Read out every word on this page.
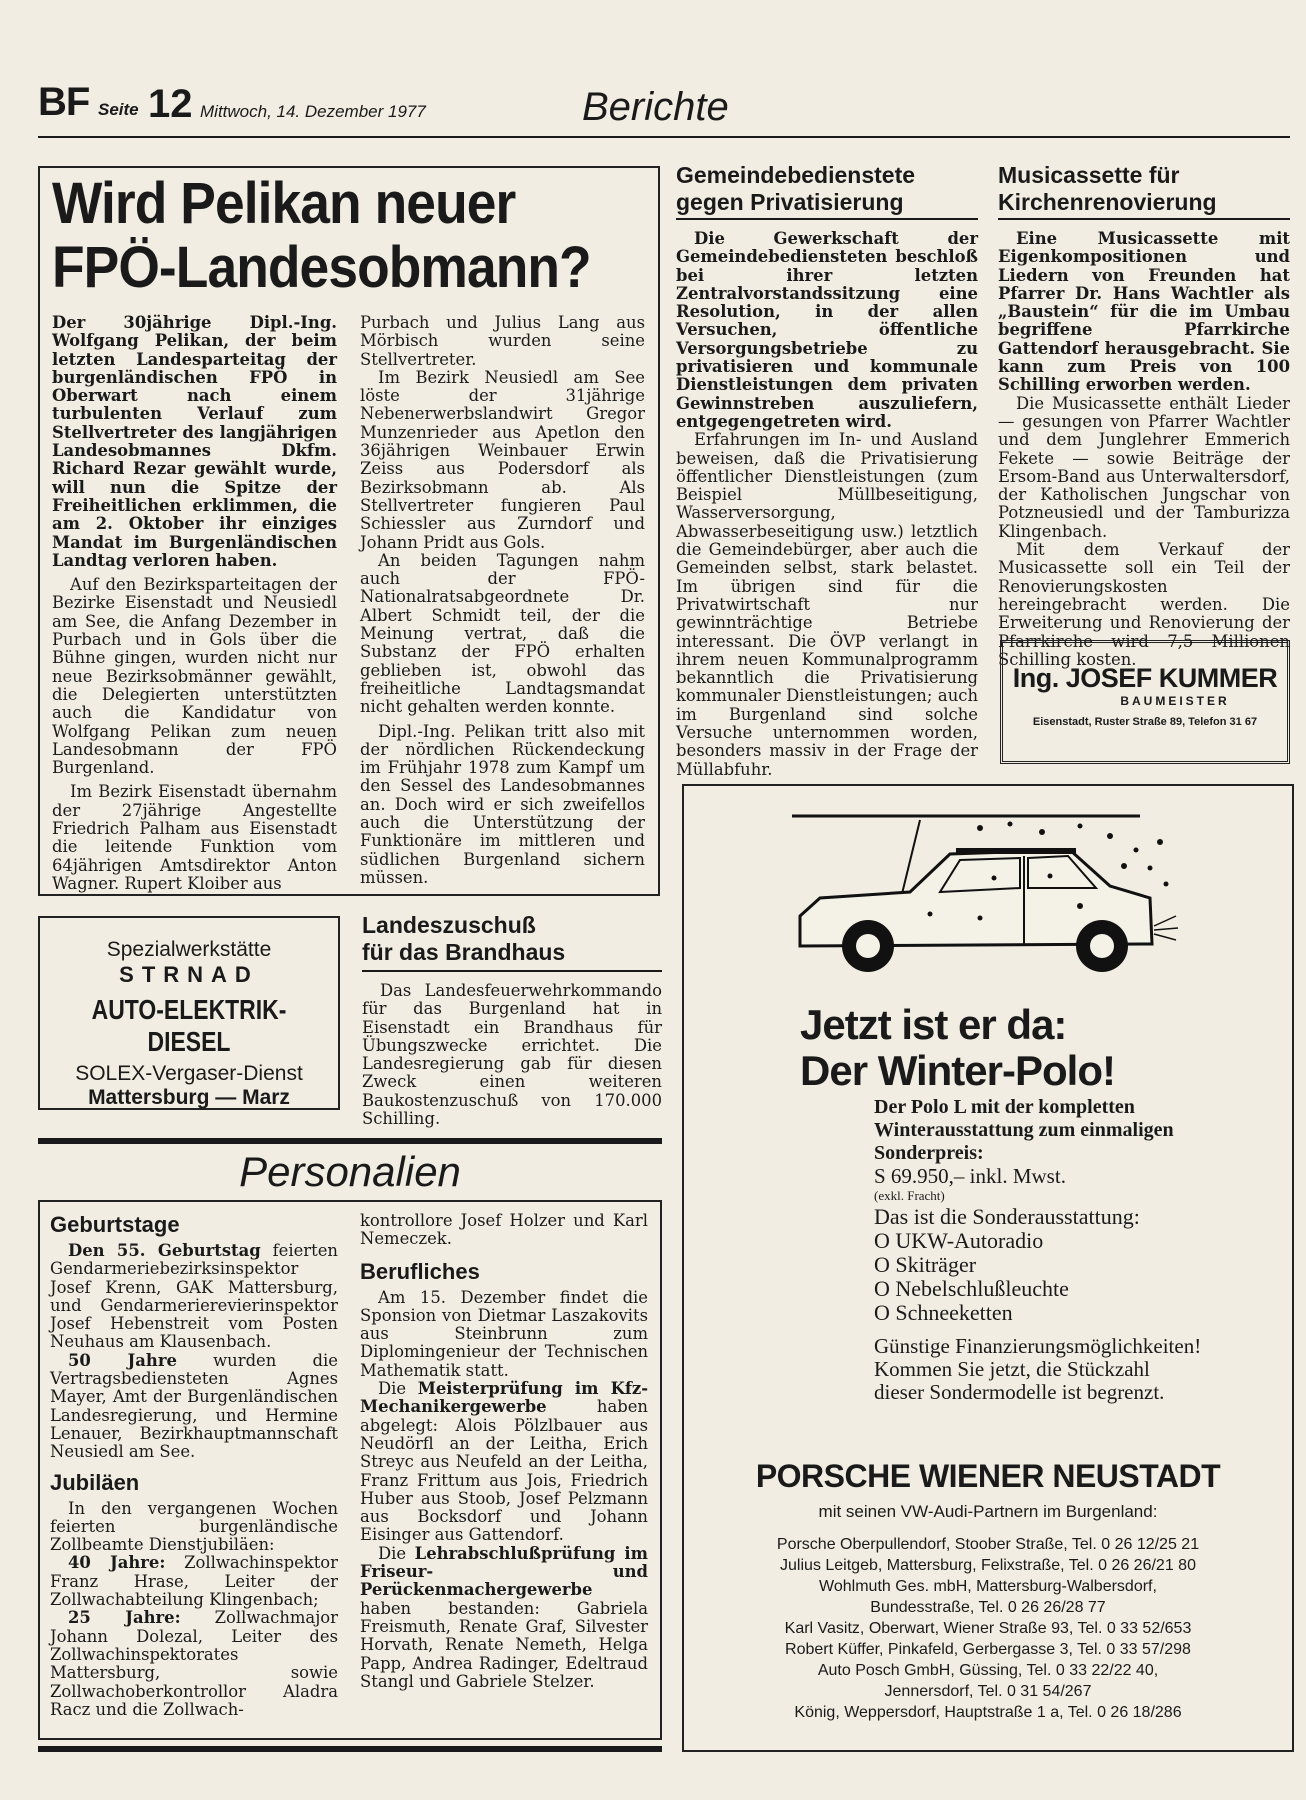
BF Seite 12 Mittwoch, 14. Dezember 1977	Berichte
Wird Pelikan neuer
FPÖ-Landesobmann?

Der 30jährige Dipl.-Ing. Wolfgang Pelikan, der beim letzten Landesparteitag der burgenländischen FPÖ in Oberwart nach einem turbulenten Verlauf zum Stellvertreter des langjährigen Landesobmannes Dkfm. Richard Rezar gewählt wurde, will nun die Spitze der Freiheitlichen erklimmen, die am 2. Oktober ihr einziges Mandat im Burgenländischen Landtag verloren haben.

Auf den Bezirksparteitagen der Bezirke Eisenstadt und Neusiedl am See, die Anfang Dezember in Purbach und in Gols über die Bühne gingen, wurden nicht nur neue Bezirksobmänner gewählt, die Delegierten unterstützten auch die Kandidatur von Wolfgang Pelikan zum neuen Landesobmann der FPÖ Burgenland.

Im Bezirk Eisenstadt übernahm der 27jährige Angestellte Friedrich Palham aus Eisenstadt die leitende Funktion vom 64jährigen Amtsdirektor Anton Wagner. Rupert Kloiber aus

Purbach und Julius Lang aus Mörbisch wurden seine Stellvertreter.

Im Bezirk Neusiedl am See löste der 31jährige Nebenerwerbslandwirt Gregor Munzenrieder aus Apetlon den 36jährigen Weinbauer Erwin Zeiss aus Podersdorf als Bezirksobmann ab. Als Stellvertreter fungieren Paul Schiessler aus Zurndorf und Johann Pridt aus Gols.

An beiden Tagungen nahm auch der FPÖ-Nationalratsabgeordnete Dr. Albert Schmidt teil, der die Meinung vertrat, daß die Substanz der FPÖ erhalten geblieben ist, obwohl das freiheitliche Landtagsmandat nicht gehalten werden konnte.

Dipl.-Ing. Pelikan tritt also mit der nördlichen Rückendeckung im Frühjahr 1978 zum Kampf um den Sessel des Landesobmannes an. Doch wird er sich zweifellos auch die Unterstützung der Funktionäre im mittleren und südlichen Burgenland sichern müssen.

Gemeindebedienstete
gegen Privatisierung

Die Gewerkschaft der Gemeindebediensteten beschloß bei ihrer letzten Zentralvorstandssitzung eine Resolution, in der allen Versuchen, öffentliche Versorgungsbetriebe zu privatisieren und kommunale Dienstleistungen dem privaten Gewinnstreben auszuliefern, entgegengetreten wird.

Erfahrungen im In- und Ausland beweisen, daß die Privatisierung öffentlicher Dienstleistungen (zum Beispiel Müllbeseitigung, Wasserversorgung, Abwasserbeseitigung usw.) letztlich die Gemeindebürger, aber auch die Gemeinden selbst, stark belastet. Im übrigen sind für die Privatwirtschaft nur gewinnträchtige Betriebe interessant. Die ÖVP verlangt in ihrem neuen Kommunalprogramm bekanntlich die Privatisierung kommunaler Dienstleistungen; auch im Burgenland sind solche Versuche unternommen worden, besonders massiv in der Frage der Müllabfuhr.

Musicassette für
Kirchenrenovierung

Eine Musicassette mit Eigenkompositionen und Liedern von Freunden hat Pfarrer Dr. Hans Wachtler als „Baustein“ für die im Umbau begriffene Pfarrkirche Gattendorf herausgebracht. Sie kann zum Preis von 100 Schilling erworben werden.

Die Musicassette enthält Lieder — gesungen von Pfarrer Wachtler und dem Junglehrer Emmerich Fekete — sowie Beiträge der Ersom-Band aus Unterwaltersdorf, der Katholischen Jungschar von Potzneusiedl und der Tamburizza Klingenbach.

Mit dem Verkauf der Musicassette soll ein Teil der Renovierungskosten hereingebracht werden. Die Erweiterung und Renovierung der Pfarrkirche wird 7,5 Millionen Schilling kosten.

Ing. JOSEF KUMMER
BAUMEISTER
Eisenstadt, Ruster Straße 89, Telefon 31 67
Spezialwerkstätte
STRNAD
AUTO-ELEKTRIK-DIESEL
SOLEX-Vergaser-Dienst
Mattersburg — Marz
Landeszuschuß
für das Brandhaus

Das Landesfeuerwehrkommando für das Burgenland hat in Eisenstadt ein Brandhaus für Übungszwecke errichtet. Die Landesregierung gab für diesen Zweck einen weiteren Baukostenzuschuß von 170.000 Schilling.

Personalien
Geburtstage

Den 55. Geburtstag feierten Gendarmeriebezirksinspektor Josef Krenn, GAK Mattersburg, und Gendarmerierevierinspektor Josef Hebenstreit vom Posten Neuhaus am Klausenbach.

50 Jahre wurden die Vertragsbediensteten Agnes Mayer, Amt der Burgenländischen Landesregierung, und Hermine Lenauer, Bezirkhauptmannschaft Neusiedl am See.

Jubiläen

In den vergangenen Wochen feierten burgenländische Zollbeamte Dienstjubiläen:

40 Jahre: Zollwachinspektor Franz Hrase, Leiter der Zollwachabteilung Klingenbach;

25 Jahre: Zollwachmajor Johann Dolezal, Leiter des Zollwachinspektorates Mattersburg, sowie Zollwachoberkontrollor Aladra Racz und die Zollwach-

kontrollore Josef Holzer und Karl Nemeczek.

Berufliches

Am 15. Dezember findet die Sponsion von Dietmar Laszakovits aus Steinbrunn zum Diplomingenieur der Technischen Mathematik statt.

Die Meisterprüfung im Kfz-Mechanikergewerbe haben abgelegt: Alois Pölzlbauer aus Neudörfl an der Leitha, Erich Streyc aus Neufeld an der Leitha, Franz Frittum aus Jois, Friedrich Huber aus Stoob, Josef Pelzmann aus Bocksdorf und Johann Eisinger aus Gattendorf.

Die Lehrabschlußprüfung im Friseur- und Perückenmachergewerbe haben bestanden: Gabriela Freismuth, Renate Graf, Silvester Horvath, Renate Nemeth, Helga Papp, Andrea Radinger, Edeltraud Stangl und Gabriele Stelzer.

Jetzt ist er da:
Der Winter-Polo!

Der Polo L mit der kompletten Winterausstattung zum einmaligen Sonderpreis:

S 69.950,– inkl. Mwst.

(exkl. Fracht)

Das ist die Sonderausstattung:

O UKW-Autoradio

O Skiträger

O Nebelschlußleuchte

O Schneeketten

Günstige Finanzierungsmöglichkeiten!

Kommen Sie jetzt, die Stückzahl dieser Sondermodelle ist begrenzt.

PORSCHE WIENER NEUSTADT
mit seinen VW-Audi-Partnern im Burgenland:

Porsche Oberpullendorf, Stoober Straße, Tel. 0 26 12/25 21

Julius Leitgeb, Mattersburg, Felixstraße, Tel. 0 26 26/21 80

Wohlmuth Ges. mbH, Mattersburg-Walbersdorf,

Bundesstraße, Tel. 0 26 26/28 77

Karl Vasitz, Oberwart, Wiener Straße 93, Tel. 0 33 52/653

Robert Küffer, Pinkafeld, Gerbergasse 3, Tel. 0 33 57/298

Auto Posch GmbH, Güssing, Tel. 0 33 22/22 40,

Jennersdorf, Tel. 0 31 54/267

König, Weppersdorf, Hauptstraße 1 a, Tel. 0 26 18/286
